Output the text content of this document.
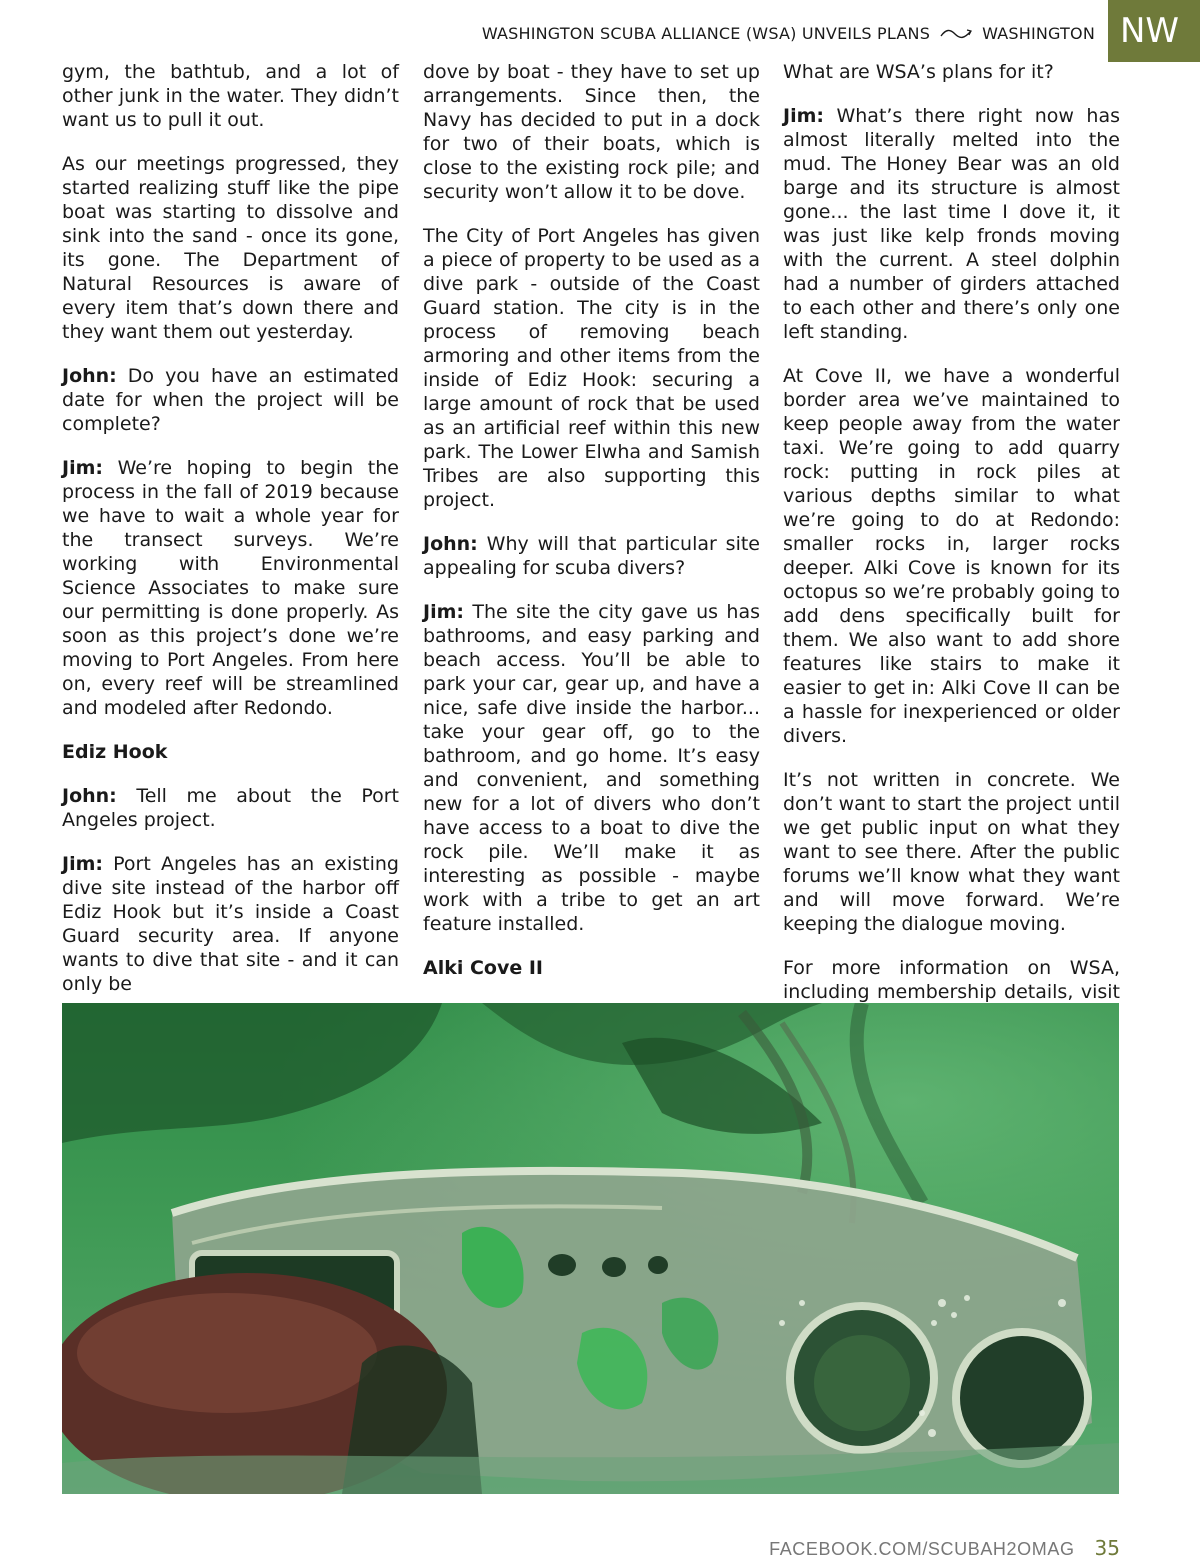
WASHINGTON SCUBA ALLIANCE (WSA) UNVEILS PLANS	WASHINGTON NW

gym, the bathtub, and a lot of other junk in the water. They didn’t want us to pull it out.

As our meetings progressed, they started realizing stuff like the pipe boat was starting to dissolve and sink into the sand - once its gone, its gone. The Department of Natural Resources is aware of every item that’s down there and they want them out yesterday.

John: Do you have an estimated date for when the project will be complete?

Jim: We’re hoping to begin the process in the fall of 2019 because we have to wait a whole year for the transect surveys. We’re working with Environmental Science Associates to make sure our permitting is done properly. As soon as this project’s done we’re moving to Port Angeles. From here on, every reef will be streamlined and modeled after Redondo.

Ediz Hook

John: Tell me about the Port Angeles project.

Jim: Port Angeles has an existing dive site instead of the harbor off Ediz Hook but it’s inside a Coast Guard security area. If anyone wants to dive that site - and it can only be

dove by boat - they have to set up arrangements. Since then, the Navy has decided to put in a dock for two of their boats, which is close to the existing rock pile; and security won’t allow it to be dove.

The City of Port Angeles has given a piece of property to be used as a dive park - outside of the Coast Guard station. The city is in the process of removing beach armoring and other items from the inside of Ediz Hook: securing a large amount of rock that be used as an artificial reef within this new park. The Lower Elwha and Samish Tribes are also supporting this project.

John: Why will that particular site appealing for scuba divers?

Jim: The site the city gave us has bathrooms, and easy parking and beach access. You’ll be able to park your car, gear up, and have a nice, safe dive inside the harbor... take your gear off, go to the bathroom, and go home. It’s easy and convenient, and something new for a lot of divers who don’t have access to a boat to dive the rock pile. We’ll make it as interesting as possible - maybe work with a tribe to get an art feature installed.

Alki Cove II

What are WSA’s plans for it?

Jim: What’s there right now has almost literally melted into the mud. The Honey Bear was an old barge and its structure is almost gone... the last time I dove it, it was just like kelp fronds moving with the current. A steel dolphin had a number of girders attached to each other and there’s only one left standing.

At Cove II, we have a wonderful border area we’ve maintained to keep people away from the water taxi. We’re going to add quarry rock: putting in rock piles at various depths similar to what we’re going to do at Redondo: smaller rocks in, larger rocks deeper. Alki Cove is known for its octopus so we’re probably going to add dens specifically built for them. We also want to add shore features like stairs to make it easier to get in: Alki Cove II can be a hassle for inexperienced or older divers.

It’s not written in concrete. We don’t want to start the project until we get public input on what they want to see there. After the public forums we’ll know what they want and will move forward. We’re keeping the dialogue moving.

For more information on WSA, including membership details, visit

FACEBOOK.COM/SCUBAH2OMAG 35
